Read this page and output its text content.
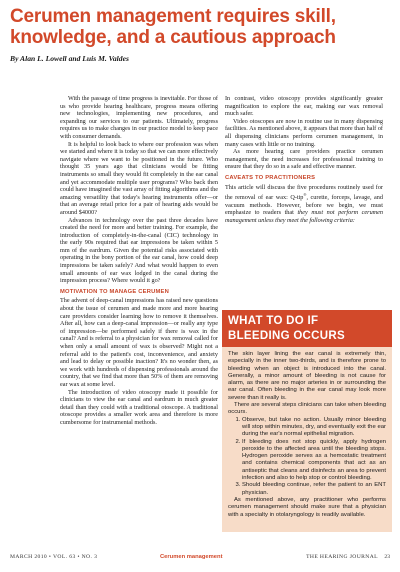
Cerumen management requires skill, knowledge, and a cautious approach
By Alan L. Lowell and Luis M. Valdes

With the passage of time progress is inevitable. For those of us who provide hearing healthcare, progress means offering new technologies, implementing new procedures, and expanding our services to our patients. Ultimately, progress requires us to make changes in our practice model to keep pace with consumer demands.

It is helpful to look back to where our profession was when we started and where it is today so that we can more effectively navigate where we want to be positioned in the future. Who thought 35 years ago that clinicians would be fitting instruments so small they would fit completely in the ear canal and yet accommodate multiple user programs? Who back then could have imagined the vast array of fitting algorithms and the amazing versatility that today's hearing instruments offer—or that an average retail price for a pair of hearing aids would be around $4000?

Advances in technology over the past three decades have created the need for more and better training. For example, the introduction of completely-in-the-canal (CIC) technology in the early 90s required that ear impressions be taken within 5 mm of the eardrum. Given the potential risks associated with operating in the bony portion of the ear canal, how could deep impressions be taken safely? And what would happen to even small amounts of ear wax lodged in the canal during the impression process? Where would it go?

MOTIVATION TO MANAGE CERUMEN

The advent of deep-canal impressions has raised new questions about the issue of cerumen and made more and more hearing care providers consider learning how to remove it themselves. After all, how can a deep-canal impression—or really any type of impression—be performed safely if there is wax in the canal? And is referral to a physician for wax removal called for when only a small amount of wax is observed? Might not a referral add to the patient's cost, inconvenience, and anxiety and lead to delay or possible inaction? It's no wonder then, as we work with hundreds of dispensing professionals around the country, that we find that more than 50% of them are removing ear wax at some level.

The introduction of video otoscopy made it possible for clinicians to view the ear canal and eardrum in much greater detail than they could with a traditional otoscope. A traditional otoscope provides a smaller work area and therefore is more cumbersome for instrumental methods.

In contrast, video otoscopy provides significantly greater magnification to explore the ear, making ear wax removal much safer.

Video otoscopes are now in routine use in many dispensing facilities. As mentioned above, it appears that more than half of all dispensing clinicians perform cerumen management, in many cases with little or no training.

As more hearing care providers practice cerumen management, the need increases for professional training to ensure that they do so in a safe and effective manner.

CAVEATS TO PRACTITIONERS

This article will discuss the five procedures routinely used for the removal of ear wax: Q-tip®, curette, forceps, lavage, and vacuum methods. However, before we begin, we must emphasize to readers that they must not perform cerumen management unless they meet the following criteria:

WHAT TO DO IF
BLEEDING OCCURS

The skin layer lining the ear canal is extremely thin, especially in the inner two-thirds, and is therefore prone to bleeding when an object is introduced into the canal. Generally, a minor amount of bleeding is not cause for alarm, as there are no major arteries in or surrounding the ear canal. Often bleeding in the ear canal may look more severe than it really is.

There are several steps clinicians can take when bleeding occurs.

1. Observe, but take no action. Usually minor bleeding will stop within minutes, dry, and eventually exit the ear during the ear's normal epithelial migration.
2. If bleeding does not stop quickly, apply hydrogen peroxide to the affected area until the bleeding stops. Hydrogen peroxide serves as a hemostatic treatment and contains chemical components that act as an antiseptic that cleans and disinfects an area to prevent infection and also to help stop or control bleeding.
3. Should bleeding continue, refer the patient to an ENT physician.

As mentioned above, any practitioner who performs cerumen management should make sure that a physician with a specialty in otolaryngology is readily available.

MARCH 2010 • VOL. 63 • NO. 3	Cerumen management	THE HEARING JOURNAL 23
